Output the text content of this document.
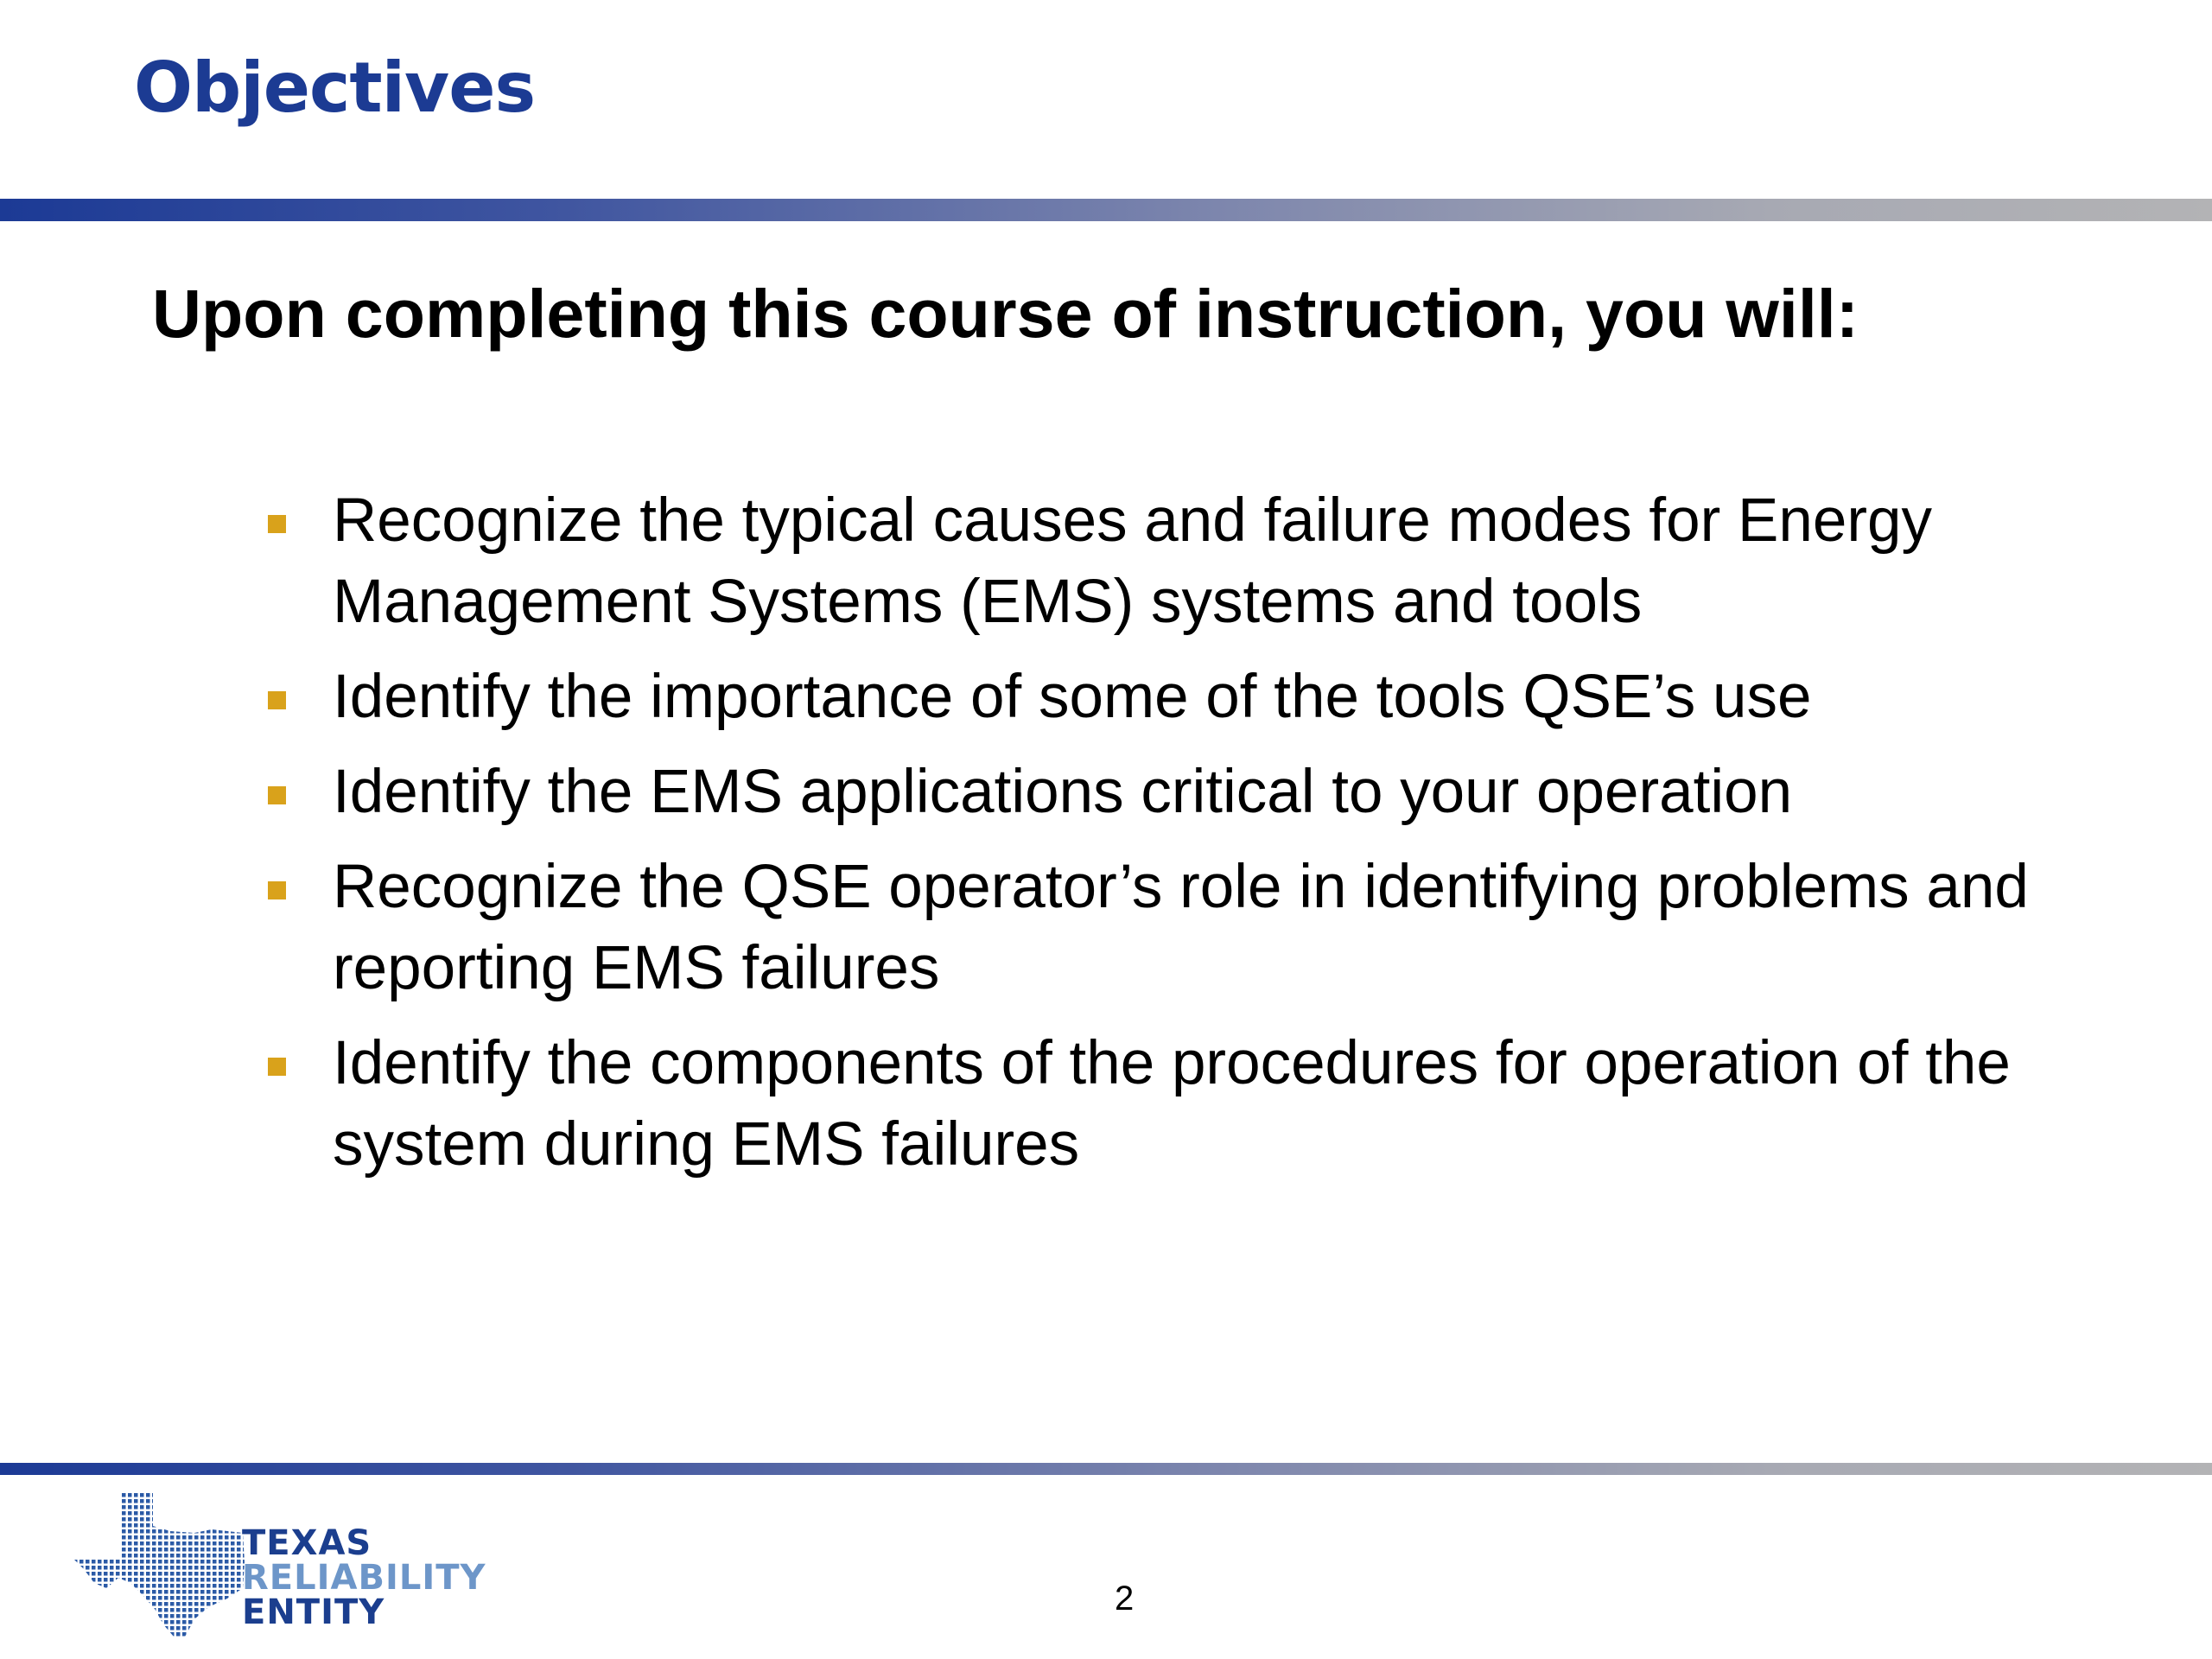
Objectives

Upon completing this course of instruction, you will:

Recognize the typical causes and failure modes for Energy Management Systems (EMS) systems and tools
Identify the importance of some of the tools QSE’s use
Identify the EMS applications critical to your operation
Recognize the QSE operator’s role in identifying problems and reporting EMS failures
Identify the components of the procedures for operation of the system during EMS failures
TEXAS
RELIABILITY
ENTITY	2
